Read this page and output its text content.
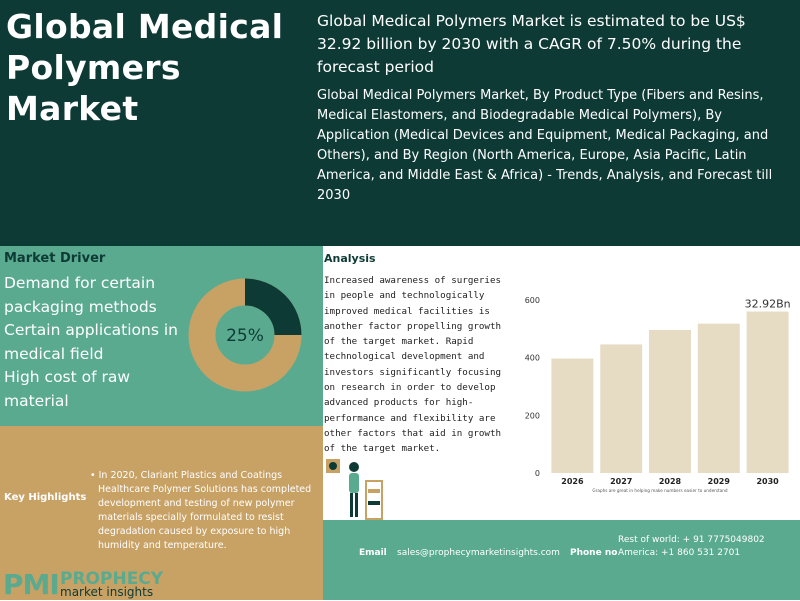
Global Medical
Polymers Market
Global Medical Polymers Market is estimated to be US$ 32.92 billion by 2030 with a CAGR of 7.50% during the forecast period
Global Medical Polymers Market, By Product Type (Fibers and Resins, Medical Elastomers, and Biodegradable Medical Polymers), By Application (Medical Devices and Equipment, Medical Packaging, and Others), and By Region (North America, Europe, Asia Pacific, Latin America, and Middle East & Africa) - Trends, Analysis, and Forecast till 2030
Market Driver
Demand for certain packaging methods
Certain applications in medical field
High cost of raw material
25%
Key Highlights
• In 2020, Clariant Plastics and Coatings Healthcare Polymer Solutions has completed development and testing of new polymer materials specially formulated to resist degradation caused by exposure to high humidity and temperature.
PMI PROPHECY
market insights
Analysis
Increased awareness of surgeries in people and technologically improved medical facilities is another factor propelling growth of the target market. Rapid technological development and investors significantly focusing on research in order to develop advanced products for high-performance and flexibility are other factors that aid in growth of the target market.
0
200
400
600
2026	2027	2028	2029	2030
32.92Bn
Graphs are great in helping make numbers easier to understand
Email sales@prophecymarketinsights.com Phone no
Rest of world: + 91 7775049802
America: +1 860 531 2701
